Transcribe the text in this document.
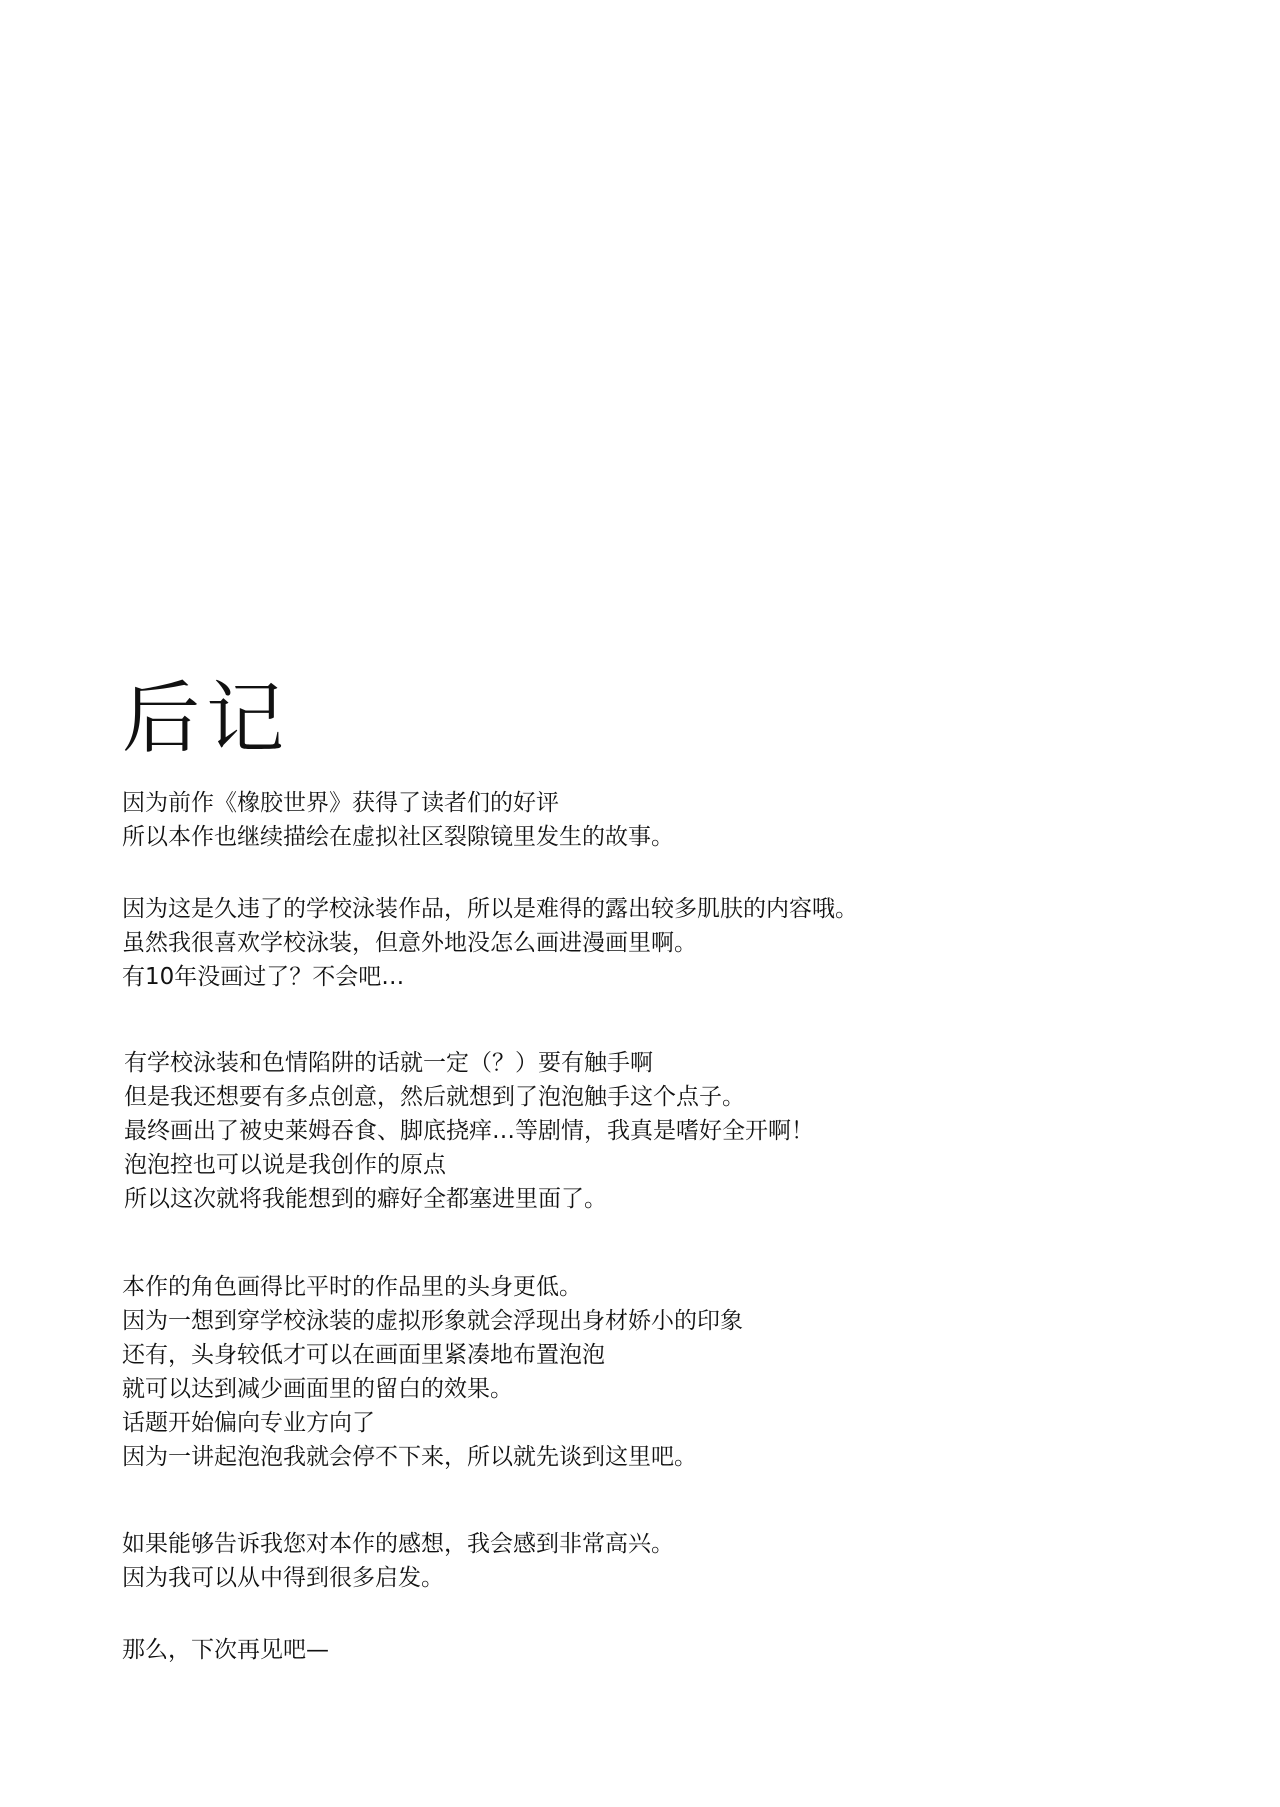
后记
因为前作《橡胶世界》获得了读者们的好评
所以本作也继续描绘在虚拟社区裂隙镜里发生的故事。
因为这是久违了的学校泳装作品，所以是难得的露出较多肌肤的内容哦。
虽然我很喜欢学校泳装，但意外地没怎么画进漫画里啊。
有10年没画过了？不会吧…
有学校泳装和色情陷阱的话就一定（？）要有触手啊
但是我还想要有多点创意，然后就想到了泡泡触手这个点子。
最终画出了被史莱姆吞食、脚底挠痒…等剧情，我真是嗜好全开啊！
泡泡控也可以说是我创作的原点
所以这次就将我能想到的癖好全都塞进里面了。
本作的角色画得比平时的作品里的头身更低。
因为一想到穿学校泳装的虚拟形象就会浮现出身材娇小的印象
还有，头身较低才可以在画面里紧凑地布置泡泡
就可以达到减少画面里的留白的效果。
话题开始偏向专业方向了
因为一讲起泡泡我就会停不下来，所以就先谈到这里吧。
如果能够告诉我您对本作的感想，我会感到非常高兴。
因为我可以从中得到很多启发。
那么，下次再见吧—
